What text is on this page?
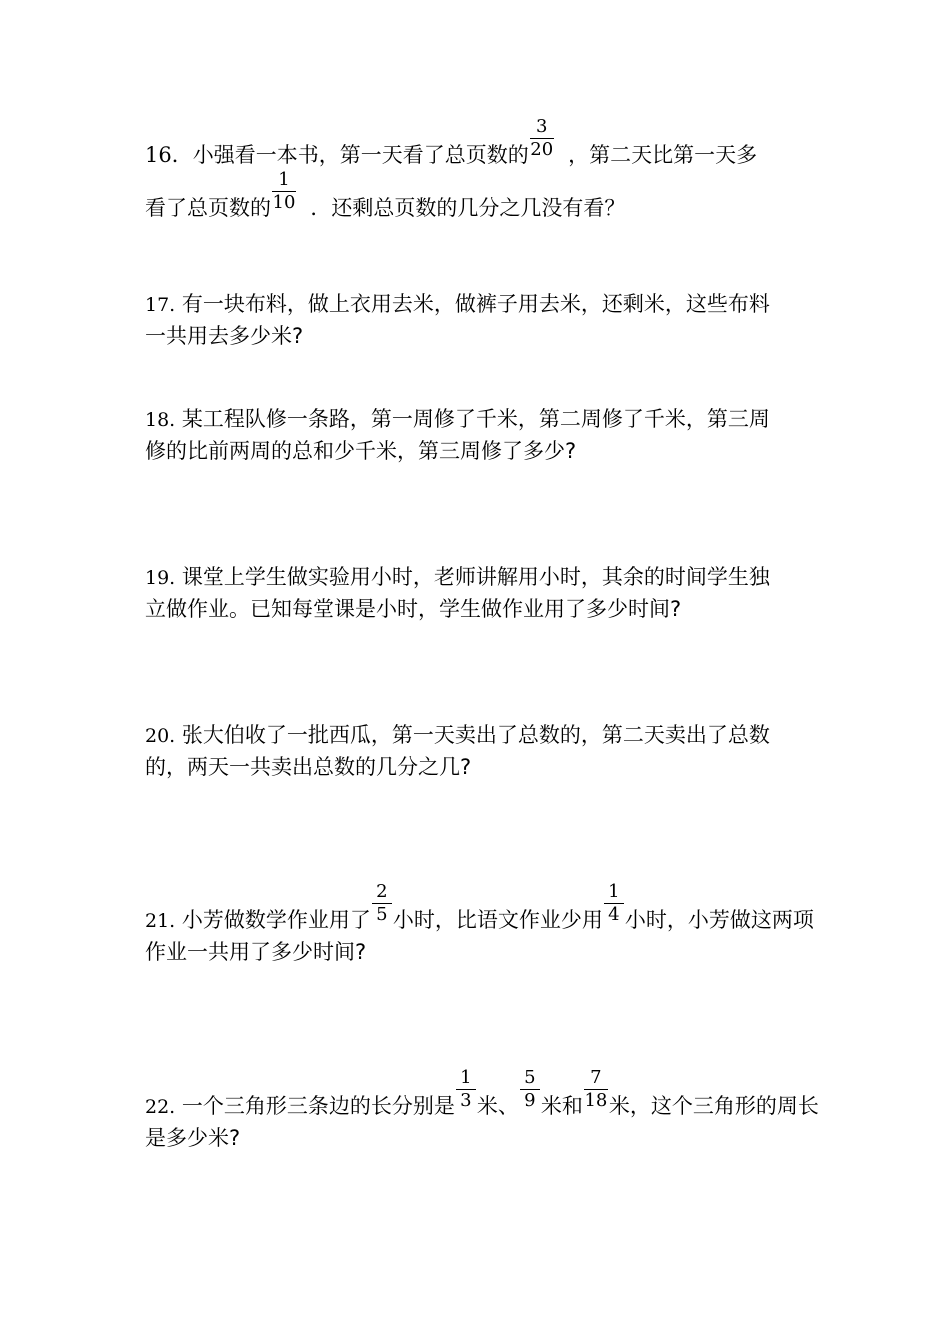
16．小强看一本书，第一天看了总页数的 $\frac{3}{20}$ ，第二天比第一天多
看了总页数的 $\frac{1}{10}$ ．还剩总页数的几分之几没有看？
17. 有一块布料，做上衣用去米，做裤子用去米，还剩米，这些布料
一共用去多少米?
18. 某工程队修一条路，第一周修了千米，第二周修了千米，第三周
修的比前两周的总和少千米，第三周修了多少?
19. 课堂上学生做实验用小时，老师讲解用小时，其余的时间学生独
立做作业。已知每堂课是小时，学生做作业用了多少时间?
20. 张大伯收了一批西瓜，第一天卖出了总数的，第二天卖出了总数
的，两天一共卖出总数的几分之几?
21. 小芳做数学作业用了 $\frac{2}{5}$ 小时，比语文作业少用 $\frac{1}{4}$ 小时，小芳做这两项
作业一共用了多少时间?
22. 一个三角形三条边的长分别是 $\frac{1}{3}$ 米、 $\frac{5}{9}$ 米和 $\frac{7}{18}$ 米，这个三角形的周长
是多少米?
